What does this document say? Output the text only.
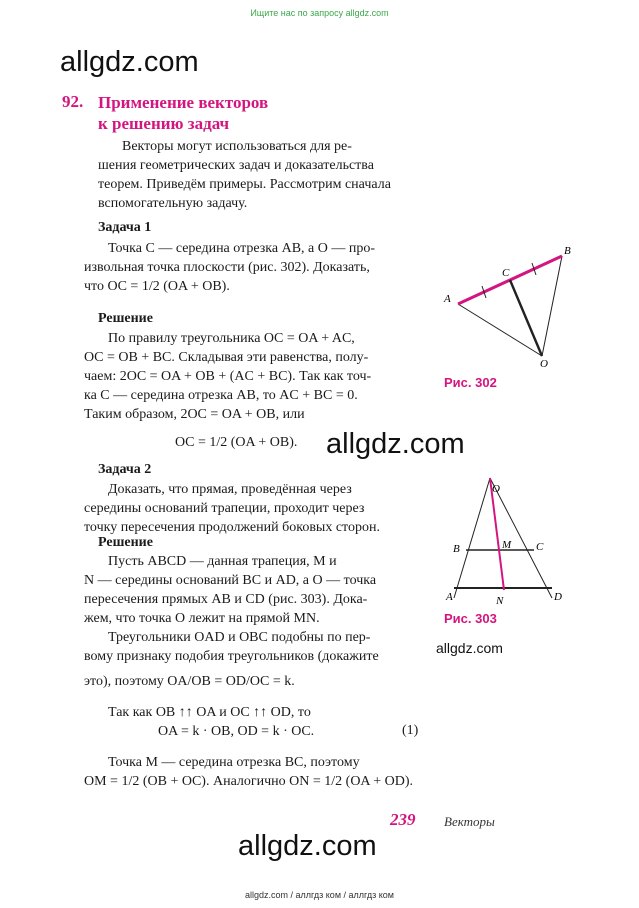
Ищите нас по запросу allgdz.com
allgdz.com
92. Применение векторов
к решению задач
Векторы могут использоваться для ре-
шения геометрических задач и доказательства
теорем. Приведём примеры. Рассмотрим сначала
вспомогательную задачу.
Задача 1
Точка C — середина отрезка AB, а O — про-
извольная точка плоскости (рис. 302). Доказать,
что OC = 1/2 (OA + OB).
Решение
По правилу треугольника OC = OA + AC,
OC = OB + BC. Складывая эти равенства, полу-
чаем: 2OC = OA + OB + (AC + BC). Так как точ-
ка C — середина отрезка AB, то AC + BC = 0.
Таким образом, 2OC = OA + OB, или
OC = 1/2 (OA + OB). allgdz.com
Задача 2
Доказать, что прямая, проведённая через
середины оснований трапеции, проходит через
точку пересечения продолжений боковых сторон.
Решение
Пусть ABCD — данная трапеция, M и
N — середины оснований BC и AD, а O — точка
пересечения прямых AB и CD (рис. 303). Дока-
жем, что точка O лежит на прямой MN.
Треугольники OAD и OBC подобны по пер-
вому признаку подобия треугольников (докажите
это), поэтому OA/OB = OD/OC = k.
Так как OB ↑↑ OA и OC ↑↑ OD, то
OA = k · OB, OD = k · OC.
Точка M — середина отрезка BC, поэтому
OM = 1/2 (OB + OC). Аналогично ON = 1/2 (OA + OD).
(1)
A
B
C
O
Рис. 302
O
B	M C
A	N	D
Рис. 303
allgdz.com
239 Векторы
allgdz.com
allgdz.com / аллгдз ком / аллгдз ком
